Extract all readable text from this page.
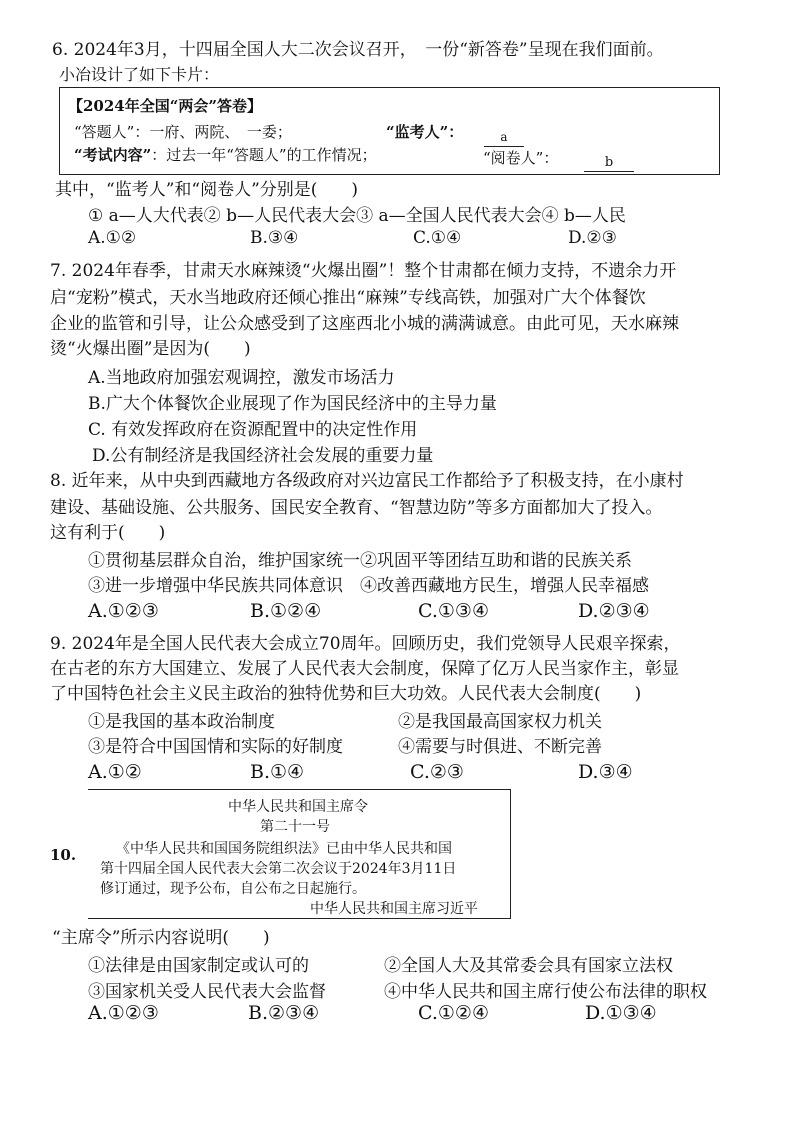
6. 2024年3月，十四届全国人大二次会议召开，　一份“新答卷”呈现在我们面前。
小冶设计了如下卡片：
【2024年全国“两会”答卷】
“答题人”：一府、两院、　一委；	“监考人”：	a
“考试内容”：过去一年“答题人”的工作情况；	“阅卷人”：	b
其中，“监考人”和“阅卷人”分别是(　　)
① a—人大代表② b—人民代表大会③ a—全国人民代表大会④ b—人民
A.①②	B.③④	C.①④	D.②③
7. 2024年春季，甘肃天水麻辣烫“火爆出圈”！整个甘肃都在倾力支持，不遗余力开
启“宠粉”模式，天水当地政府还倾心推出“麻辣”专线高铁，加强对广大个体餐饮
企业的监管和引导，让公众感受到了这座西北小城的满满诚意。由此可见，天水麻辣
烫“火爆出圈”是因为(　　)
A.当地政府加强宏观调控，激发市场活力
B.广大个体餐饮企业展现了作为国民经济中的主导力量
C. 有效发挥政府在资源配置中的决定性作用
D.公有制经济是我国经济社会发展的重要力量
8. 近年来，从中央到西藏地方各级政府对兴边富民工作都给予了积极支持，在小康村
建设、基础设施、公共服务、国民安全教育、“智慧边防”等多方面都加大了投入。
这有利于(　　)
①贯彻基层群众自治，维护国家统一②巩固平等团结互助和谐的民族关系
③进一步增强中华民族共同体意识　④改善西藏地方民生，增强人民幸福感
A.①②③	B.①②④	C.①③④	D.②③④
9. 2024年是全国人民代表大会成立70周年。回顾历史，我们党领导人民艰辛探索，
在古老的东方大国建立、发展了人民代表大会制度，保障了亿万人民当家作主，彰显
了中国特色社会主义民主政治的独特优势和巨大功效。人民代表大会制度(　　)
①是我国的基本政治制度	②是我国最高国家权力机关
③是符合中国国情和实际的好制度	④需要与时俱进、不断完善
A.①②	B.①④	C.②③	D.③④
10.
中华人民共和国主席令
第二十一号
《中华人民共和国国务院组织法》已由中华人民共和国
第十四届全国人民代表大会第二次会议于2024年3月11日
修订通过，现予公布，自公布之日起施行。
中华人民共和国主席习近平
“主席令”所示内容说明(　　)
①法律是由国家制定或认可的	②全国人大及其常委会具有国家立法权
③国家机关受人民代表大会监督	④中华人民共和国主席行使公布法律的职权
A.①②③	B.②③④	C.①②④	D.①③④
